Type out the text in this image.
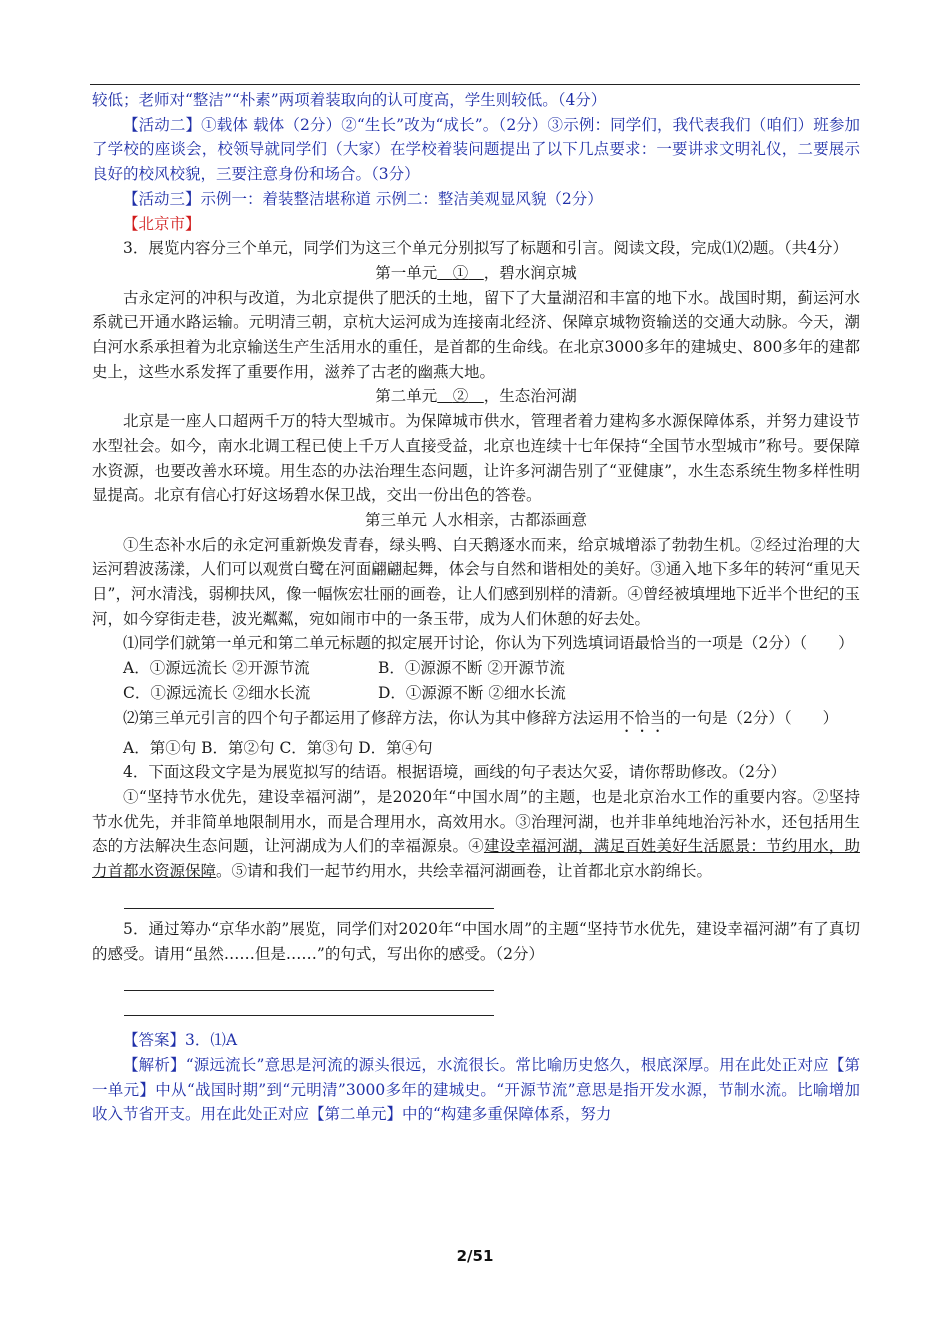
较低；老师对“整洁”“朴素”两项着装取向的认可度高，学生则较低。（4分）

【活动二】①载体 载体（2分）②“生长”改为“成长”。（2分）③示例：同学们，我代表我们（咱们）班参加了学校的座谈会，校领导就同学们（大家）在学校着装问题提出了以下几点要求：一要讲求文明礼仪，二要展示良好的校风校貌，三要注意身份和场合。（3分）

【活动三】示例一：着装整洁堪称道 示例二：整洁美观显风貌（2分）

【北京市】

3．展览内容分三个单元，同学们为这三个单元分别拟写了标题和引言。阅读文段，完成⑴⑵题。（共4分）

第一单元　 ①　 ，碧水润京城

古永定河的冲积与改道，为北京提供了肥沃的土地，留下了大量湖沼和丰富的地下水。战国时期，蓟运河水系就已开通水路运输。元明清三朝，京杭大运河成为连接南北经济、保障京城物资输送的交通大动脉。今天，潮白河水系承担着为北京输送生产生活用水的重任，是首都的生命线。在北京3000多年的建城史、800多年的建都史上，这些水系发挥了重要作用，滋养了古老的幽燕大地。

第二单元　 ②　 ，生态治河湖

北京是一座人口超两千万的特大型城市。为保障城市供水，管理者着力建构多水源保障体系，并努力建设节水型社会。如今，南水北调工程已使上千万人直接受益，北京也连续十七年保持“全国节水型城市”称号。要保障水资源，也要改善水环境。用生态的办法治理生态问题，让许多河湖告别了“亚健康”，水生态系统生物多样性明显提高。北京有信心打好这场碧水保卫战，交出一份出色的答卷。

第三单元 人水相亲，古都添画意

①生态补水后的永定河重新焕发青春，绿头鸭、白天鹅逐水而来，给京城增添了勃勃生机。②经过治理的大运河碧波荡漾，人们可以观赏白鹭在河面翩翩起舞，体会与自然和谐相处的美好。③通入地下多年的转河“重见天日”，河水清浅，弱柳扶风，像一幅恢宏壮丽的画卷，让人们感到别样的清新。④曾经被填埋地下近半个世纪的玉河，如今穿街走巷，波光粼粼，宛如闹市中的一条玉带，成为人们休憩的好去处。

⑴同学们就第一单元和第二单元标题的拟定展开讨论，你认为下列选填词语最恰当的一项是（2分）（　　）

A．①源远流长 ②开源节流	B．①源源不断 ②开源节流
C．①源远流长 ②细水长流	D．①源源不断 ②细水长流

⑵第三单元引言的四个句子都运用了修辞方法，你认为其中修辞方法运用不恰当的一句是（2分）（　　）

A．第①句 B．第②句 C．第③句 D．第④句

4．下面这段文字是为展览拟写的结语。根据语境，画线的句子表达欠妥，请你帮助修改。（2分）

①“坚持节水优先，建设幸福河湖”，是2020年“中国水周”的主题，也是北京治水工作的重要内容。②坚持节水优先，并非简单地限制用水，而是合理用水，高效用水。③治理河湖，也并非单纯地治污补水，还包括用生态的方法解决生态问题，让河湖成为人们的幸福源泉。④建设幸福河湖，满足百姓美好生活愿景：节约用水，助力首都水资源保障。⑤请和我们一起节约用水，共绘幸福河湖画卷，让首都北京水韵绵长。

5．通过筹办“京华水韵”展览，同学们对2020年“中国水周”的主题“坚持节水优先，建设幸福河湖”有了真切的感受。请用“虽然……但是……”的句式，写出你的感受。（2分）

【答案】3．⑴A

【解析】“源远流长”意思是河流的源头很远，水流很长。常比喻历史悠久，根底深厚。用在此处正对应【第一单元】中从“战国时期”到“元明清”3000多年的建城史。“开源节流”意思是指开发水源，节制水流。比喻增加收入节省开支。用在此处正对应【第二单元】中的“构建多重保障体系，努力

2/51
